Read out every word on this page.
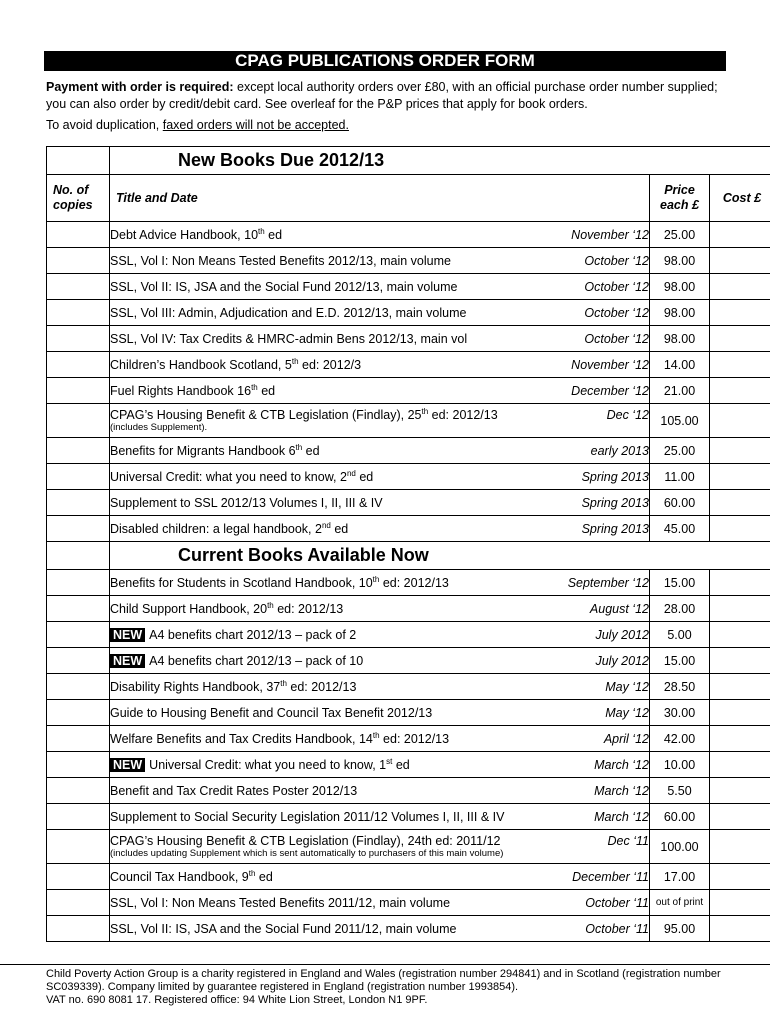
CPAG PUBLICATIONS ORDER FORM

Payment with order is required: except local authority orders over £80, with an official purchase order number supplied; you can also order by credit/debit card. See overleaf for the P&P prices that apply for book orders.

To avoid duplication, faxed orders will not be accepted.

	New Books Due 2012/13		
No. of copies	Title and Date	Price each £	Cost £

	Debt Advice Handbook, 10th ed November ‘12	25.00	

	SSL, Vol I: Non Means Tested Benefits 2012/13, main volume October ‘12	98.00	

	SSL, Vol II: IS, JSA and the Social Fund 2012/13, main volume October ‘12	98.00	

	SSL, Vol III: Admin, Adjudication and E.D. 2012/13, main volume October ‘12	98.00	

	SSL, Vol IV: Tax Credits & HMRC-admin Bens 2012/13, main vol October ‘12	98.00	

	Children’s Handbook Scotland, 5th ed: 2012/3 November ‘12	14.00	

	Fuel Rights Handbook 16th ed December ‘12	21.00	

	CPAG’s Housing Benefit & CTB Legislation (Findlay), 25th ed: 2012/13 Dec ‘12
(includes Supplement).	105.00	

	Benefits for Migrants Handbook 6th ed early 2013	25.00	

	Universal Credit: what you need to know, 2nd ed Spring 2013	11.00	

	Supplement to SSL 2012/13 Volumes I, II, III & IV Spring 2013	60.00	

	Disabled children: a legal handbook, 2nd ed Spring 2013	45.00	
	Current Books Available Now		

	Benefits for Students in Scotland Handbook, 10th ed: 2012/13 September ‘12	15.00	

	Child Support Handbook, 20th ed: 2012/13 August ‘12	28.00	

	NEW A4 benefits chart 2012/13 – pack of 2 July 2012	5.00	

	NEW A4 benefits chart 2012/13 – pack of 10 July 2012	15.00	

	Disability Rights Handbook, 37th ed: 2012/13 May ‘12	28.50	

	Guide to Housing Benefit and Council Tax Benefit 2012/13 May ‘12	30.00	

	Welfare Benefits and Tax Credits Handbook, 14th ed: 2012/13 April ‘12	42.00	

	NEW Universal Credit: what you need to know, 1st ed March ‘12	10.00	

	Benefit and Tax Credit Rates Poster 2012/13 March ‘12	5.50	

	Supplement to Social Security Legislation 2011/12 Volumes I, II, III & IV March ‘12	60.00	

	CPAG’s Housing Benefit & CTB Legislation (Findlay), 24th ed: 2011/12 Dec ‘11
(includes updating Supplement which is sent automatically to purchasers of this main volume)	100.00	

	Council Tax Handbook, 9th ed December ‘11	17.00	

	SSL, Vol I: Non Means Tested Benefits 2011/12, main volume October ‘11	out of print	

	SSL, Vol II: IS, JSA and the Social Fund 2011/12, main volume October ‘11	95.00	
Child Poverty Action Group is a charity registered in England and Wales (registration number 294841) and in Scotland (registration number SC039339). Company limited by guarantee registered in England (registration number 1993854).
VAT no. 690 8081 17. Registered office: 94 White Lion Street, London N1 9PF.
